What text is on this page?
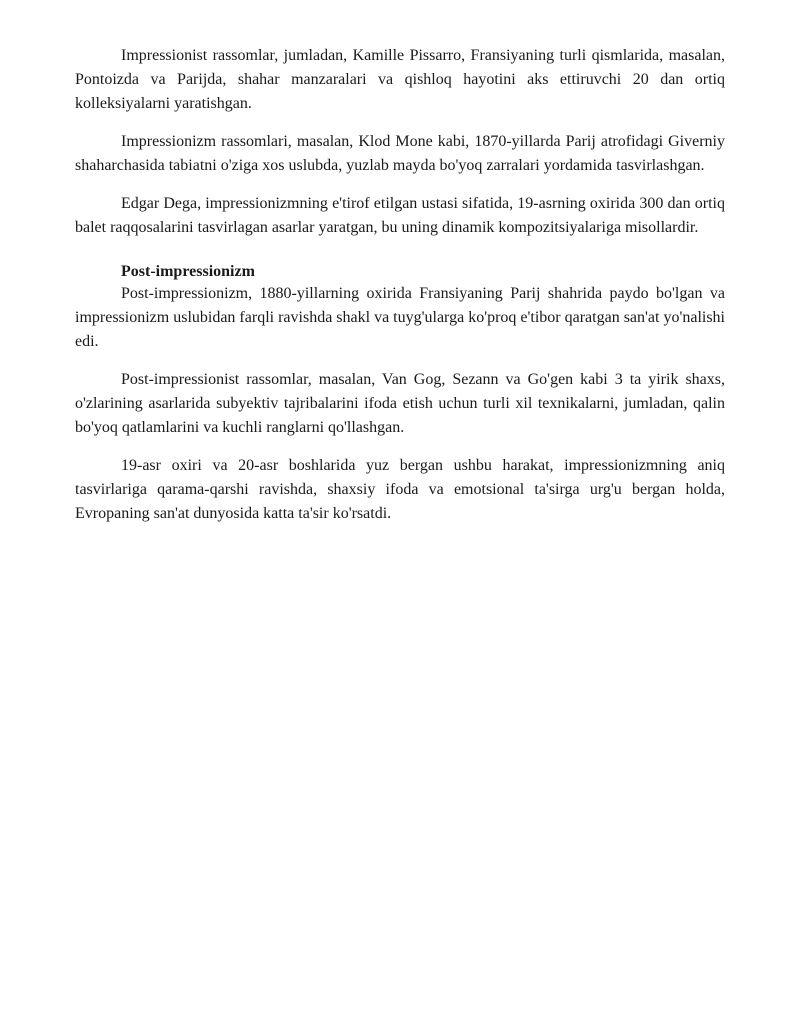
Impressionist rassomlar, jumladan, Kamille Pissarro, Fransiyaning turli qismlarida, masalan, Pontoizda va Parijda, shahar manzaralari va qishloq hayotini aks ettiruvchi 20 dan ortiq kolleksiyalarni yaratishgan.

Impressionizm rassomlari, masalan, Klod Mone kabi, 1870-yillarda Parij atrofidagi Giverniy shaharchasida tabiatni o'ziga xos uslubda, yuzlab mayda bo'yoq zarralari yordamida tasvirlashgan.

Edgar Dega, impressionizmning e'tirof etilgan ustasi sifatida, 19-asrning oxirida 300 dan ortiq balet raqqosalarini tasvirlagan asarlar yaratgan, bu uning dinamik kompozitsiyalariga misollardir.

Post-impressionizm

Post-impressionizm, 1880-yillarning oxirida Fransiyaning Parij shahrida paydo bo'lgan va impressionizm uslubidan farqli ravishda shakl va tuyg'ularga ko'proq e'tibor qaratgan san'at yo'nalishi edi.

Post-impressionist rassomlar, masalan, Van Gog, Sezann va Go'gen kabi 3 ta yirik shaxs, o'zlarining asarlarida subyektiv tajribalarini ifoda etish uchun turli xil texnikalarni, jumladan, qalin bo'yoq qatlamlarini va kuchli ranglarni qo'llashgan.

19-asr oxiri va 20-asr boshlarida yuz bergan ushbu harakat, impressionizmning aniq tasvirlariga qarama-qarshi ravishda, shaxsiy ifoda va emotsional ta'sirga urg'u bergan holda, Evropaning san'at dunyosida katta ta'sir ko'rsatdi.
